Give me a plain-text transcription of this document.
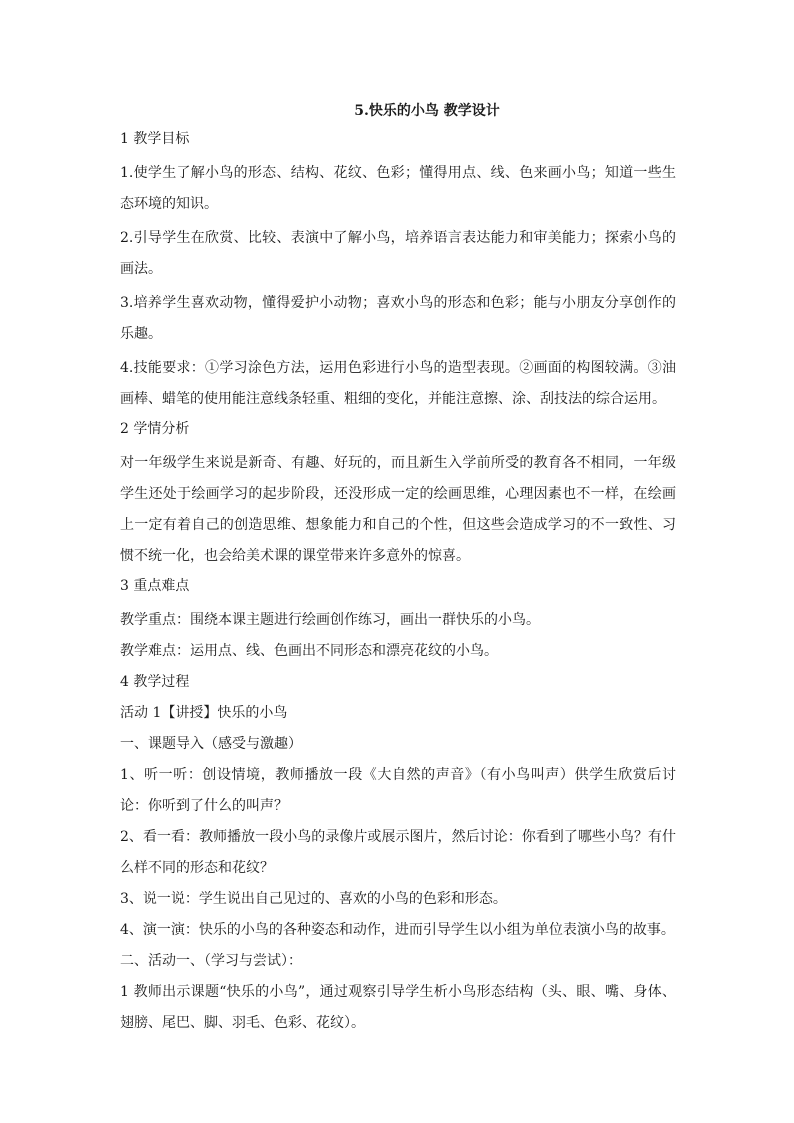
5.快乐的小鸟 教学设计

1 教学目标

1.使学生了解小鸟的形态、结构、花纹、色彩；懂得用点、线、色来画小鸟；知道一些生态环境的知识。

2.引导学生在欣赏、比较、表演中了解小鸟，培养语言表达能力和审美能力；探索小鸟的画法。

3.培养学生喜欢动物，懂得爱护小动物；喜欢小鸟的形态和色彩；能与小朋友分享创作的乐趣。

4.技能要求：①学习涂色方法，运用色彩进行小鸟的造型表现。②画面的构图较满。③油画棒、蜡笔的使用能注意线条轻重、粗细的变化，并能注意擦、涂、刮技法的综合运用。

2 学情分析

对一年级学生来说是新奇、有趣、好玩的，而且新生入学前所受的教育各不相同，一年级学生还处于绘画学习的起步阶段，还没形成一定的绘画思维，心理因素也不一样，在绘画上一定有着自己的创造思维、想象能力和自己的个性，但这些会造成学习的不一致性、习惯不统一化，也会给美术课的课堂带来许多意外的惊喜。

3 重点难点

教学重点：围绕本课主题进行绘画创作练习，画出一群快乐的小鸟。

教学难点：运用点、线、色画出不同形态和漂亮花纹的小鸟。

4 教学过程

活动 1【讲授】快乐的小鸟

一、课题导入（感受与激趣）

1、听一听：创设情境，教师播放一段《大自然的声音》（有小鸟叫声）供学生欣赏后讨论：你听到了什么的叫声？

2、看一看：教师播放一段小鸟的录像片或展示图片，然后讨论：你看到了哪些小鸟？有什么样不同的形态和花纹？

3、说一说：学生说出自己见过的、喜欢的小鸟的色彩和形态。

4、演一演：快乐的小鸟的各种姿态和动作，进而引导学生以小组为单位表演小鸟的故事。

二、活动一、（学习与尝试）：

1 教师出示课题“快乐的小鸟”，通过观察引导学生析小鸟形态结构（头、眼、嘴、身体、翅膀、尾巴、脚、羽毛、色彩、花纹）。
